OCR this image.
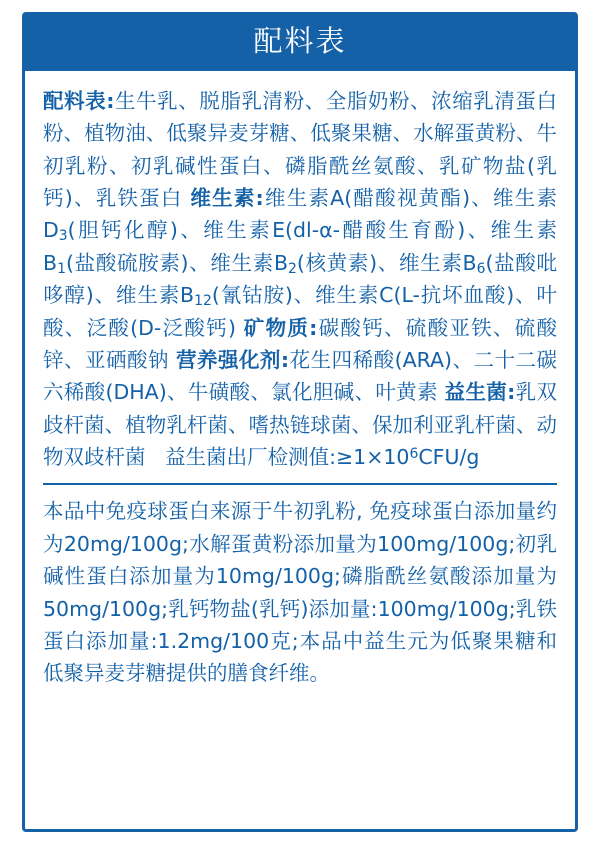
配料表
配料表:生牛乳、脱脂乳清粉、全脂奶粉、浓缩乳清蛋白粉、植物油、低聚异麦芽糖、低聚果糖、水解蛋黄粉、牛初乳粉、初乳碱性蛋白、磷脂酰丝氨酸、乳矿物盐(乳钙)、乳铁蛋白 维生素:维生素A(醋酸视黄酯)、维生素$D_3$(胆钙化醇)、维生素E(dl-α-醋酸生育酚)、维生素$B_1$(盐酸硫胺素)、维生素$B_2$(核黄素)、维生素$B_6$(盐酸吡哆醇)、维生素$B_{12}$(氰钴胺)、维生素C(L-抗坏血酸)、叶酸、泛酸(D-泛酸钙) 矿物质:碳酸钙、硫酸亚铁、硫酸锌、亚硒酸钠 营养强化剂:花生四稀酸(ARA)、二十二碳六稀酸(DHA)、牛磺酸、氯化胆碱、叶黄素 益生菌:乳双歧杆菌、植物乳杆菌、嗜热链球菌、保加利亚乳杆菌、动物双歧杆菌   益生菌出厂检测值$:\ge 1\times 10^6CFU/g$
本品中免疫球蛋白来源于牛初乳粉, 免疫球蛋白添加量约为20mg/100g;水解蛋黄粉添加量为100mg/100g;初乳碱性蛋白添加量为10mg/100g;磷脂酰丝氨酸添加量为50mg/100g;乳钙物盐(乳钙)添加量:100mg/100g;乳铁蛋白添加量:1.2mg/100克;本品中益生元为低聚果糖和低聚异麦芽糖提供的膳食纤维。
